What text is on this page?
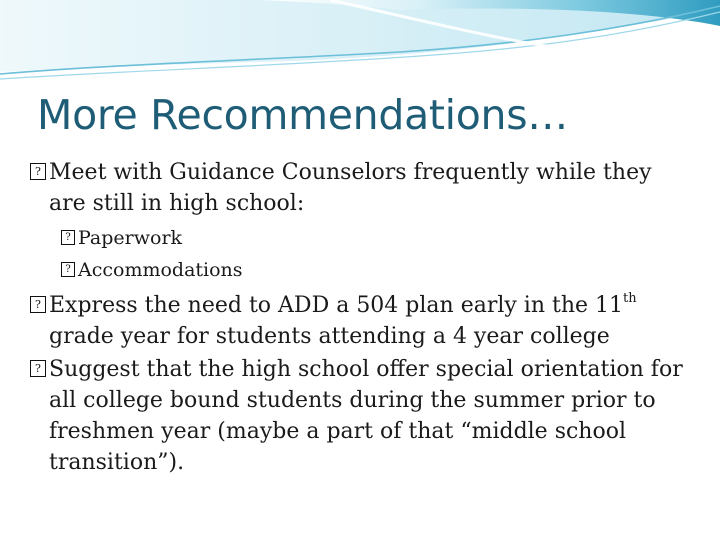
More Recommendations…
? Meet with Guidance Counselors frequently while they are still in high school:
? Paperwork
? Accommodations
? Express the need to ADD a 504 plan early in the 11th grade year for students attending a 4 year college
? Suggest that the high school offer special orientation for all college bound students during the summer prior to freshmen year (maybe a part of that “middle school transition”).
